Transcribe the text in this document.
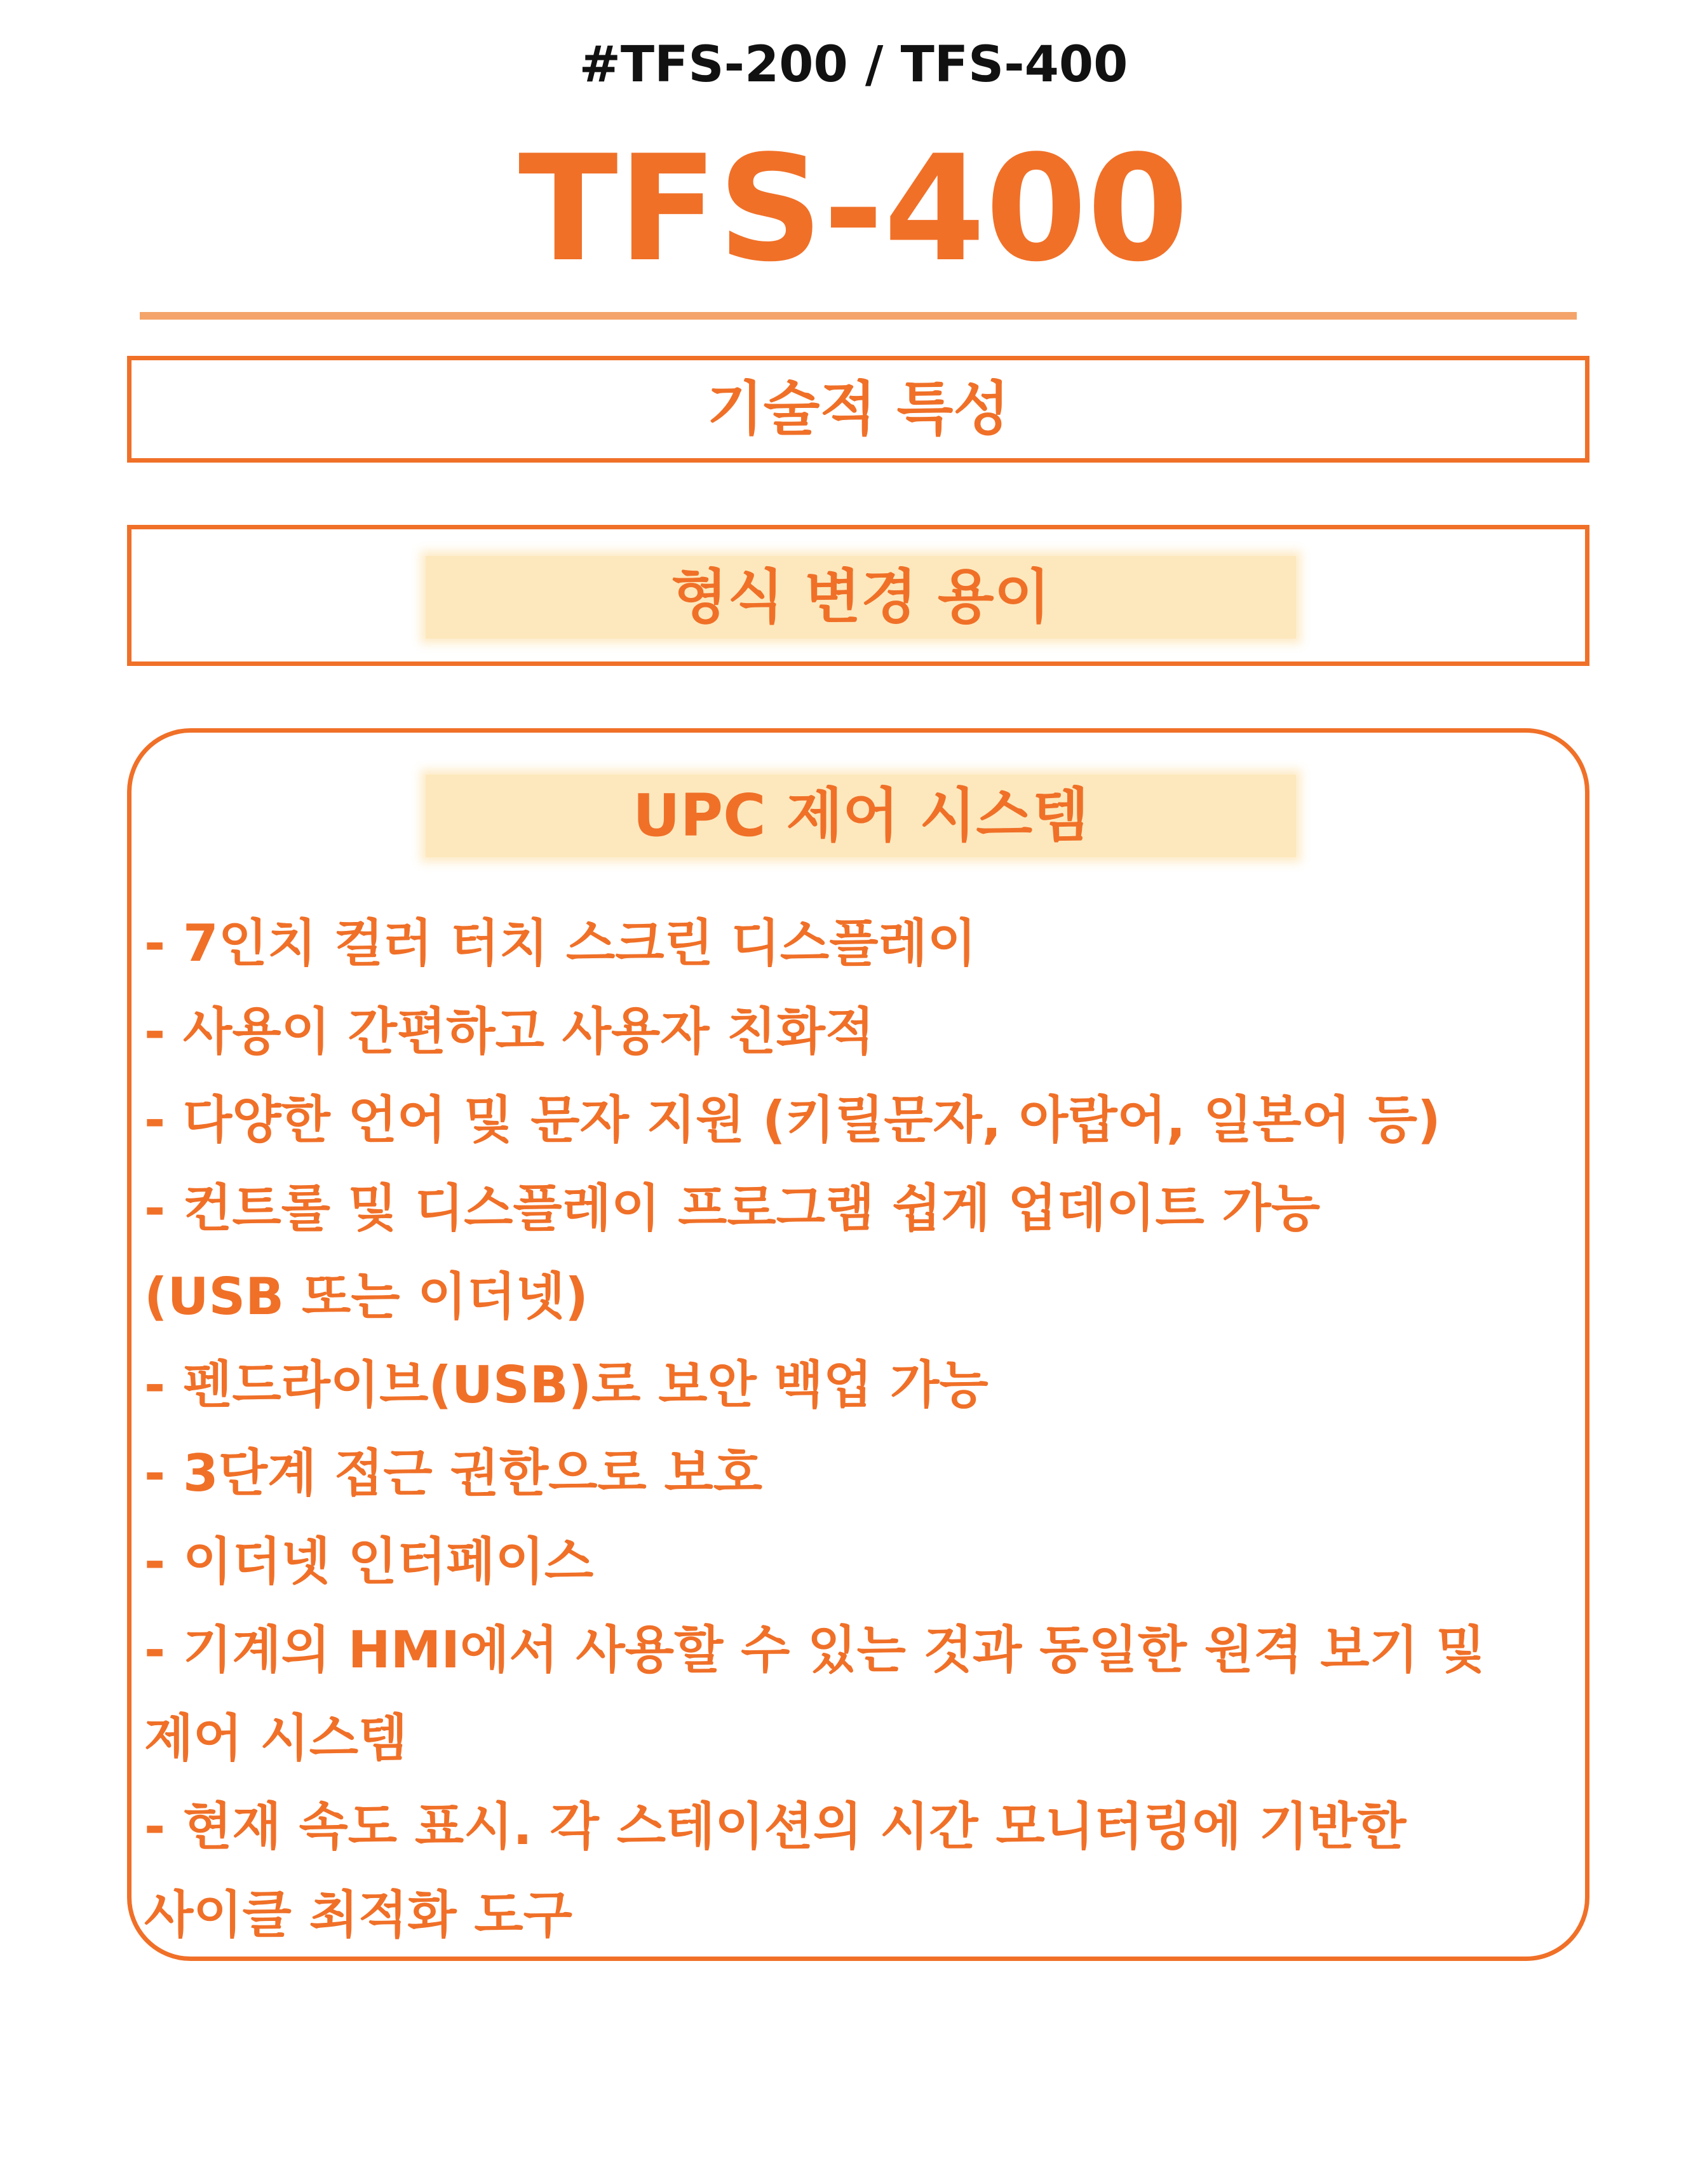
#TFS-200 / TFS-400
TFS-400
기술적 특성
형식 변경 용이
UPC 제어 시스템
- 7인치 컬러 터치 스크린 디스플레이
- 사용이 간편하고 사용자 친화적
- 다양한 언어 및 문자 지원 (키릴문자, 아랍어, 일본어 등)
- 컨트롤 및 디스플레이 프로그램 쉽게 업데이트 가능
(USB 또는 이더넷)
- 펜드라이브(USB)로 보안 백업 가능
- 3단계 접근 권한으로 보호
- 이더넷 인터페이스
- 기계의 HMI에서 사용할 수 있는 것과 동일한 원격 보기 및
제어 시스템
- 현재 속도 표시. 각 스테이션의 시간 모니터링에 기반한
사이클 최적화 도구
